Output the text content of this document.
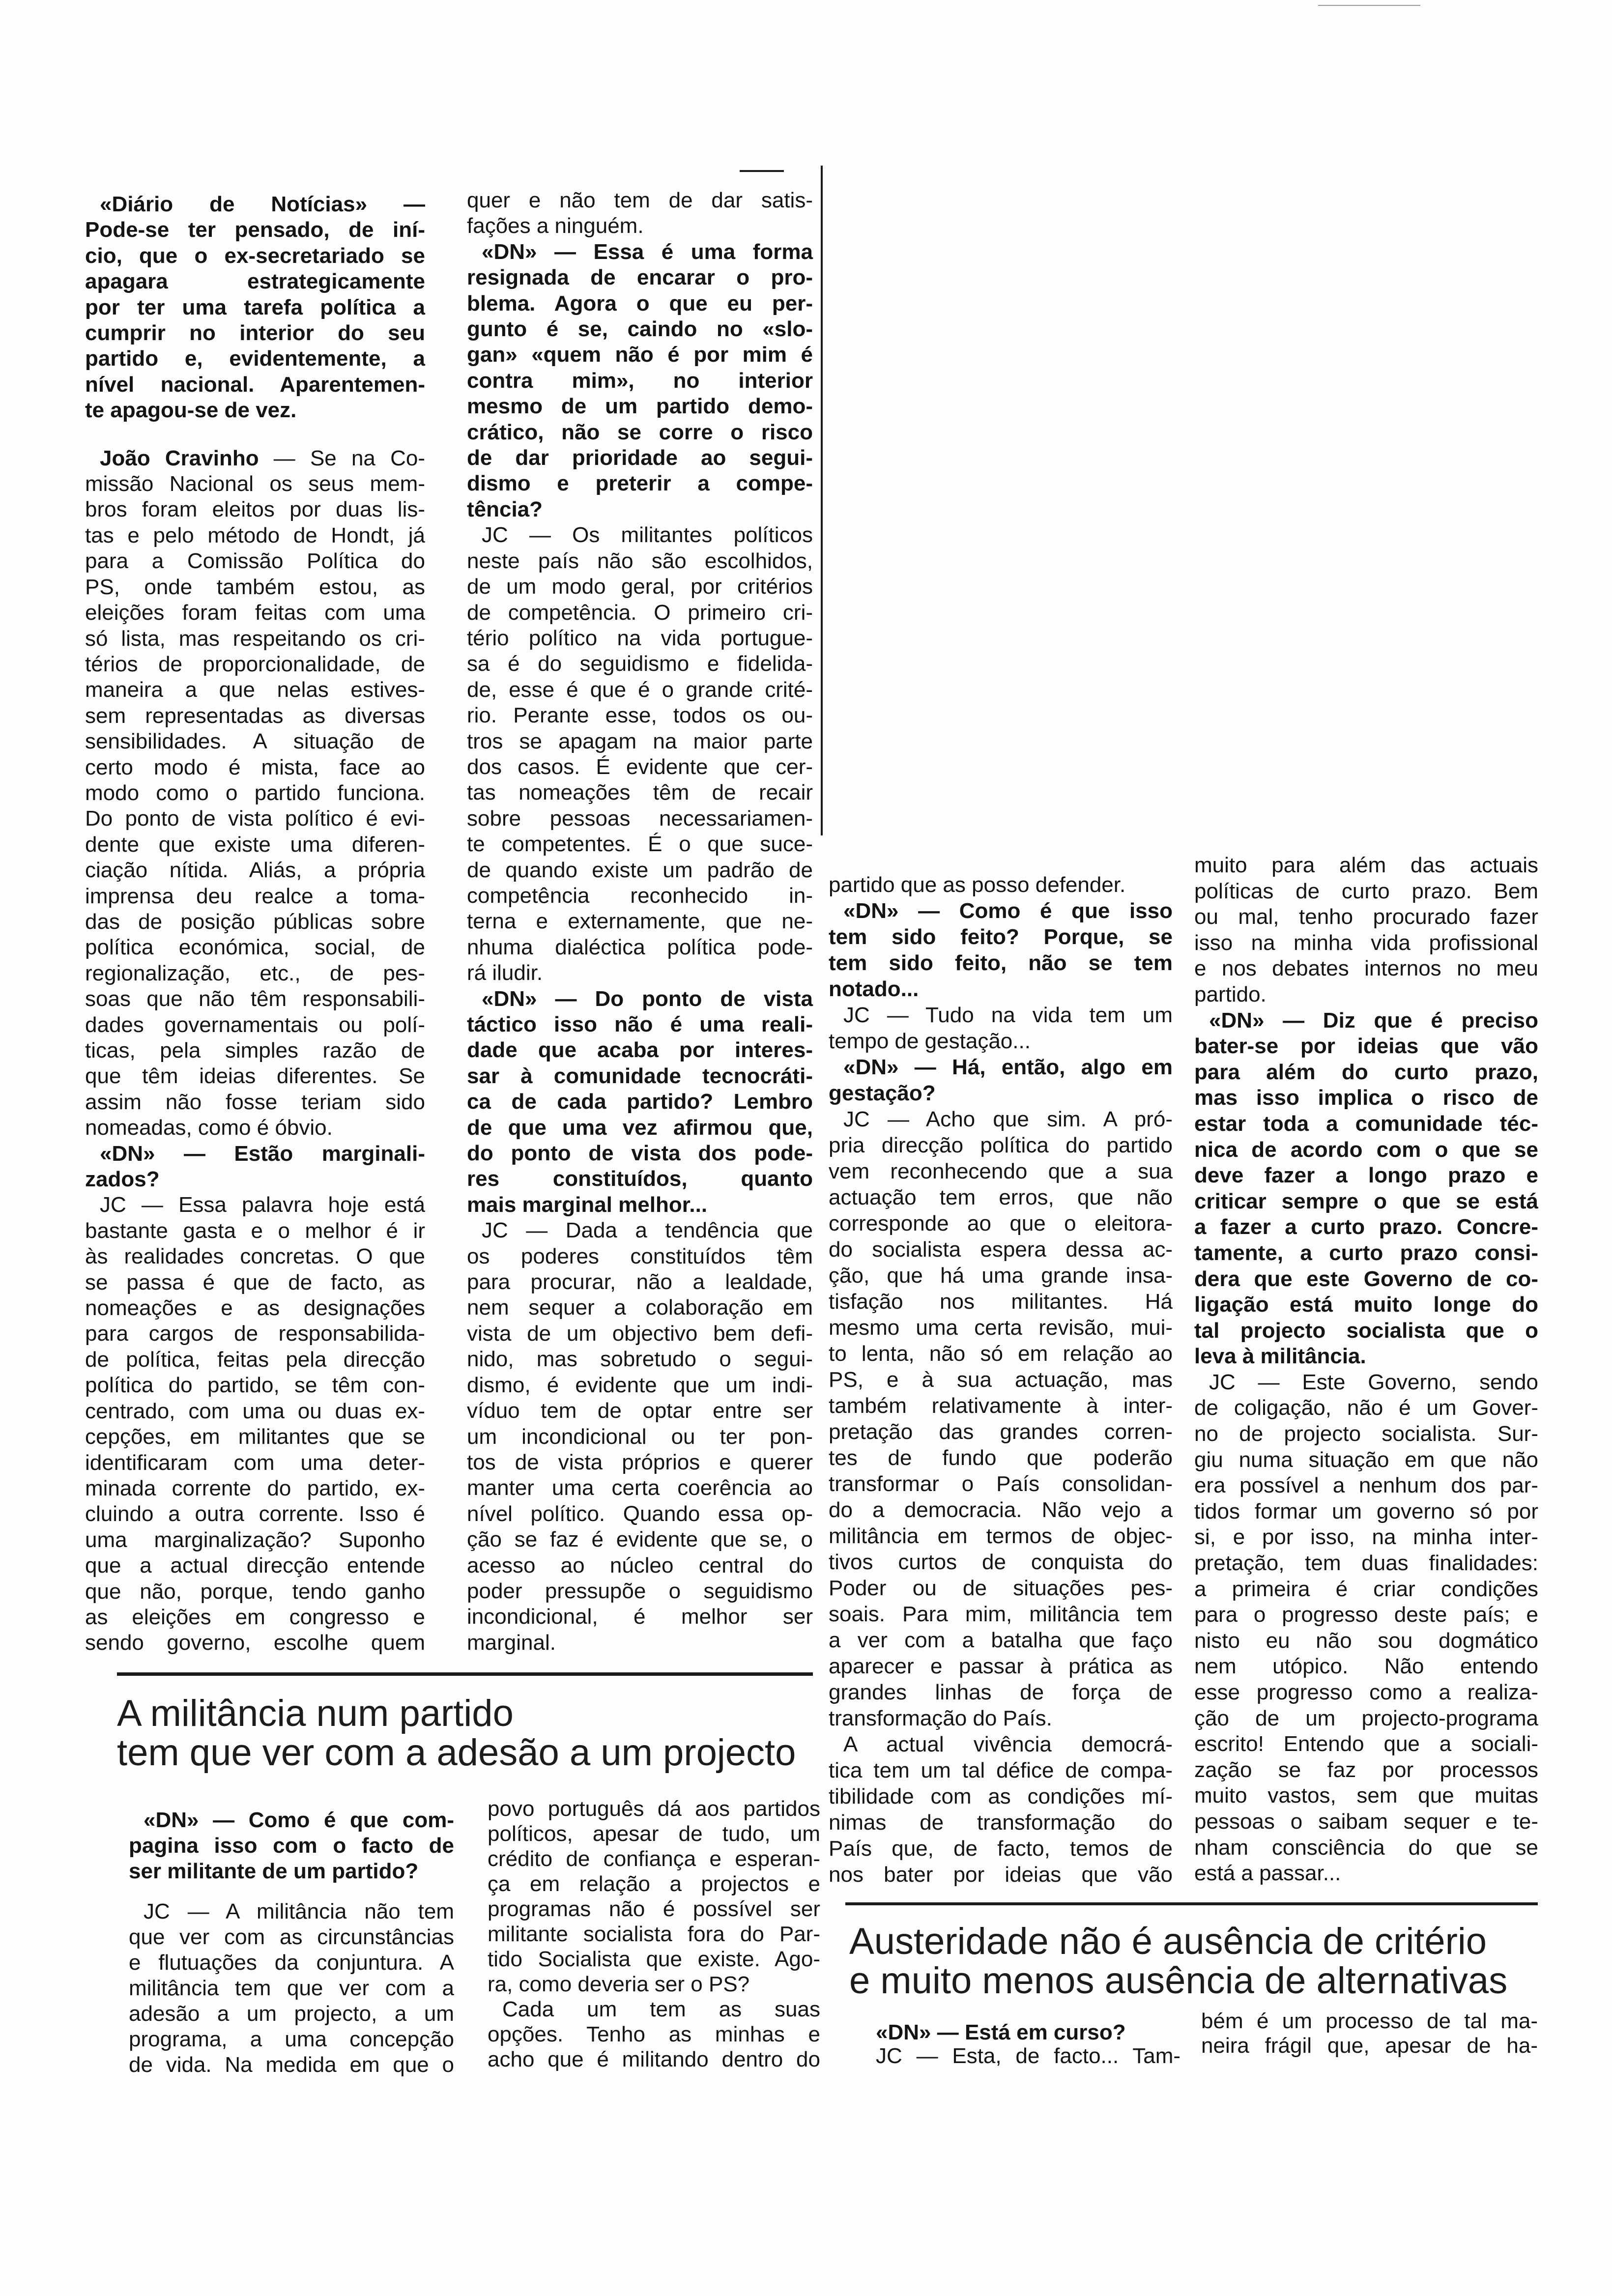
«Diário de Notícias» —
Pode-se ter pensado, de iní-
cio, que o ex-secretariado se
apagara estrategicamente
por ter uma tarefa política a
cumprir no interior do seu
partido e, evidentemente, a
nível nacional. Aparentemen-
te apagou-se de vez.
João Cravinho — Se na Co-
missão Nacional os seus mem-
bros foram eleitos por duas lis-
tas e pelo método de Hondt, já
para a Comissão Política do
PS, onde também estou, as
eleições foram feitas com uma
só lista, mas respeitando os cri-
térios de proporcionalidade, de
maneira a que nelas estives-
sem representadas as diversas
sensibilidades. A situação de
certo modo é mista, face ao
modo como o partido funciona.
Do ponto de vista político é evi-
dente que existe uma diferen-
ciação nítida. Aliás, a própria
imprensa deu realce a toma-
das de posição públicas sobre
política económica, social, de
regionalização, etc., de pes-
soas que não têm responsabili-
dades governamentais ou polí-
ticas, pela simples razão de
que têm ideias diferentes. Se
assim não fosse teriam sido
nomeadas, como é óbvio.
«DN» — Estão marginali-
zados?
JC — Essa palavra hoje está
bastante gasta e o melhor é ir
às realidades concretas. O que
se passa é que de facto, as
nomeações e as designações
para cargos de responsabilida-
de política, feitas pela direcção
política do partido, se têm con-
centrado, com uma ou duas ex-
cepções, em militantes que se
identificaram com uma deter-
minada corrente do partido, ex-
cluindo a outra corrente. Isso é
uma marginalização? Suponho
que a actual direcção entende
que não, porque, tendo ganho
as eleições em congresso e
sendo governo, escolhe quem
quer e não tem de dar satis-
fações a ninguém.
«DN» — Essa é uma forma
resignada de encarar o pro-
blema. Agora o que eu per-
gunto é se, caindo no «slo-
gan» «quem não é por mim é
contra mim», no interior
mesmo de um partido demo-
crático, não se corre o risco
de dar prioridade ao segui-
dismo e preterir a compe-
tência?
JC — Os militantes políticos
neste país não são escolhidos,
de um modo geral, por critérios
de competência. O primeiro cri-
tério político na vida portugue-
sa é do seguidismo e fidelida-
de, esse é que é o grande crité-
rio. Perante esse, todos os ou-
tros se apagam na maior parte
dos casos. É evidente que cer-
tas nomeações têm de recair
sobre pessoas necessariamen-
te competentes. É o que suce-
de quando existe um padrão de
competência reconhecido in-
terna e externamente, que ne-
nhuma dialéctica política pode-
rá iludir.
«DN» — Do ponto de vista
táctico isso não é uma reali-
dade que acaba por interes-
sar à comunidade tecnocráti-
ca de cada partido? Lembro
de que uma vez afirmou que,
do ponto de vista dos pode-
res constituídos, quanto
mais marginal melhor...
JC — Dada a tendência que
os poderes constituídos têm
para procurar, não a lealdade,
nem sequer a colaboração em
vista de um objectivo bem defi-
nido, mas sobretudo o segui-
dismo, é evidente que um indi-
víduo tem de optar entre ser
um incondicional ou ter pon-
tos de vista próprios e querer
manter uma certa coerência ao
nível político. Quando essa op-
ção se faz é evidente que se, o
acesso ao núcleo central do
poder pressupõe o seguidismo
incondicional, é melhor ser
marginal.
partido que as posso defender.
«DN» — Como é que isso
tem sido feito? Porque, se
tem sido feito, não se tem
notado...
JC — Tudo na vida tem um
tempo de gestação...
«DN» — Há, então, algo em
gestação?
JC — Acho que sim. A pró-
pria direcção política do partido
vem reconhecendo que a sua
actuação tem erros, que não
corresponde ao que o eleitora-
do socialista espera dessa ac-
ção, que há uma grande insa-
tisfação nos militantes. Há
mesmo uma certa revisão, mui-
to lenta, não só em relação ao
PS, e à sua actuação, mas
também relativamente à inter-
pretação das grandes corren-
tes de fundo que poderão
transformar o País consolidan-
do a democracia. Não vejo a
militância em termos de objec-
tivos curtos de conquista do
Poder ou de situações pes-
soais. Para mim, militância tem
a ver com a batalha que faço
aparecer e passar à prática as
grandes linhas de força de
transformação do País.
A actual vivência democrá-
tica tem um tal défice de compa-
tibilidade com as condições mí-
nimas de transformação do
País que, de facto, temos de
nos bater por ideias que vão
muito para além das actuais
políticas de curto prazo. Bem
ou mal, tenho procurado fazer
isso na minha vida profissional
e nos debates internos no meu
partido.
«DN» — Diz que é preciso
bater-se por ideias que vão
para além do curto prazo,
mas isso implica o risco de
estar toda a comunidade téc-
nica de acordo com o que se
deve fazer a longo prazo e
criticar sempre o que se está
a fazer a curto prazo. Concre-
tamente, a curto prazo consi-
dera que este Governo de co-
ligação está muito longe do
tal projecto socialista que o
leva à militância.
JC — Este Governo, sendo
de coligação, não é um Gover-
no de projecto socialista. Sur-
giu numa situação em que não
era possível a nenhum dos par-
tidos formar um governo só por
si, e por isso, na minha inter-
pretação, tem duas finalidades:
a primeira é criar condições
para o progresso deste país; e
nisto eu não sou dogmático
nem utópico. Não entendo
esse progresso como a realiza-
ção de um projecto-programa
escrito! Entendo que a sociali-
zação se faz por processos
muito vastos, sem que muitas
pessoas o saibam sequer e te-
nham consciência do que se
está a passar...
A militância num partido
tem que ver com a adesão a um projecto
«DN» — Como é que com-
pagina isso com o facto de
ser militante de um partido?
JC — A militância não tem
que ver com as circunstâncias
e flutuações da conjuntura. A
militância tem que ver com a
adesão a um projecto, a um
programa, a uma concepção
de vida. Na medida em que o
povo português dá aos partidos
políticos, apesar de tudo, um
crédito de confiança e esperan-
ça em relação a projectos e
programas não é possível ser
militante socialista fora do Par-
tido Socialista que existe. Ago-
ra, como deveria ser o PS?
Cada um tem as suas
opções. Tenho as minhas e
acho que é militando dentro do
Austeridade não é ausência de critério
e muito menos ausência de alternativas
«DN» — Está em curso?
JC — Esta, de facto... Tam-
bém é um processo de tal ma-
neira frágil que, apesar de ha-
